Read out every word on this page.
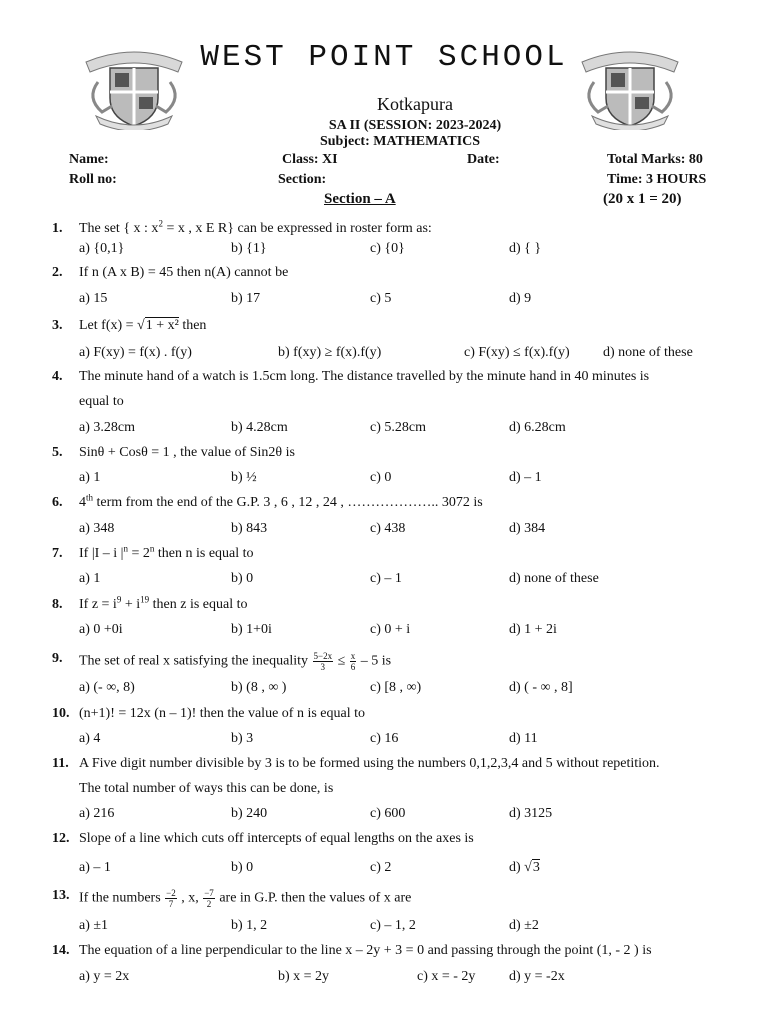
WEST POINT SCHOOL
Kotkapura
SA II (SESSION: 2023-2024)
Subject: MATHEMATICS
Name:	Class: XI	Date:	Total Marks: 80
Roll no:	Section:	Time: 3 HOURS
Section – A	(20 x 1 = 20)
1. The set { x : $x^2 = x$ , x E R} can be expressed in roster form as:
a) {0,1}	b) {1}	c) {0}	d) { }
2. If n (A x B) = 45 then n(A) cannot be
a) 15	b) 17	c) 5	d) 9
3. Let f(x) = √1 + x² then
a) F(xy) = f(x) . f(y)	b) f(xy) ≥ f(x).f(y)	c) F(xy) ≤ f(x).f(y) d) none of these
4. The minute hand of a watch is 1.5cm long. The distance travelled by the minute hand in 40 minutes is
equal to
a) 3.28cm	b) 4.28cm	c) 5.28cm	d) 6.28cm
5. Sinθ + Cosθ = 1 , the value of Sin2θ is
a) 1	b) ½	c) 0	d) – 1
6. 4th term from the end of the G.P. 3 , 6 , 12 , 24 , ……………….. 3072 is
a) 348	b) 843	c) 438	d) 384
7. If |I – i $|^n = 2^n$ then n is equal to
a) 1	b) 0	c) – 1	d) none of these
8. If $z = i^9 + i^{19}$ then z is equal to
a) 0 +0i	b) 1+0i	c) 0 + i	d) 1 + 2i
9. The set of real x satisfying the inequality $\frac{5-2x}{3} \le \frac{x}{6} - 5$ is
a) (- ∞, 8)	b) (8 , ∞ )	c) [8 , ∞)	d) ( - ∞ , 8]
10. (n+1)! = 12x (n – 1)! then the value of n is equal to
a) 4	b) 3	c) 16	d) 11
11. A Five digit number divisible by 3 is to be formed using the numbers 0,1,2,3,4 and 5 without repetition.
The total number of ways this can be done, is
a) 216	b) 240	c) 600	d) 3125
12. Slope of a line which cuts off intercepts of equal lengths on the axes is
a) – 1	b) 0	c) 2	d) √3
13. If the numbers $\frac{-2}{7}$ , x, $\frac{-7}{2}$ are in G.P. then the values of x are
a) ±1	b) 1, 2	c) – 1, 2	d) ±2
14. The equation of a line perpendicular to the line x – 2y + 3 = 0 and passing through the point (1, - 2 ) is
a) y = 2x	b) x = 2y	c) x = - 2y d) y = -2x
